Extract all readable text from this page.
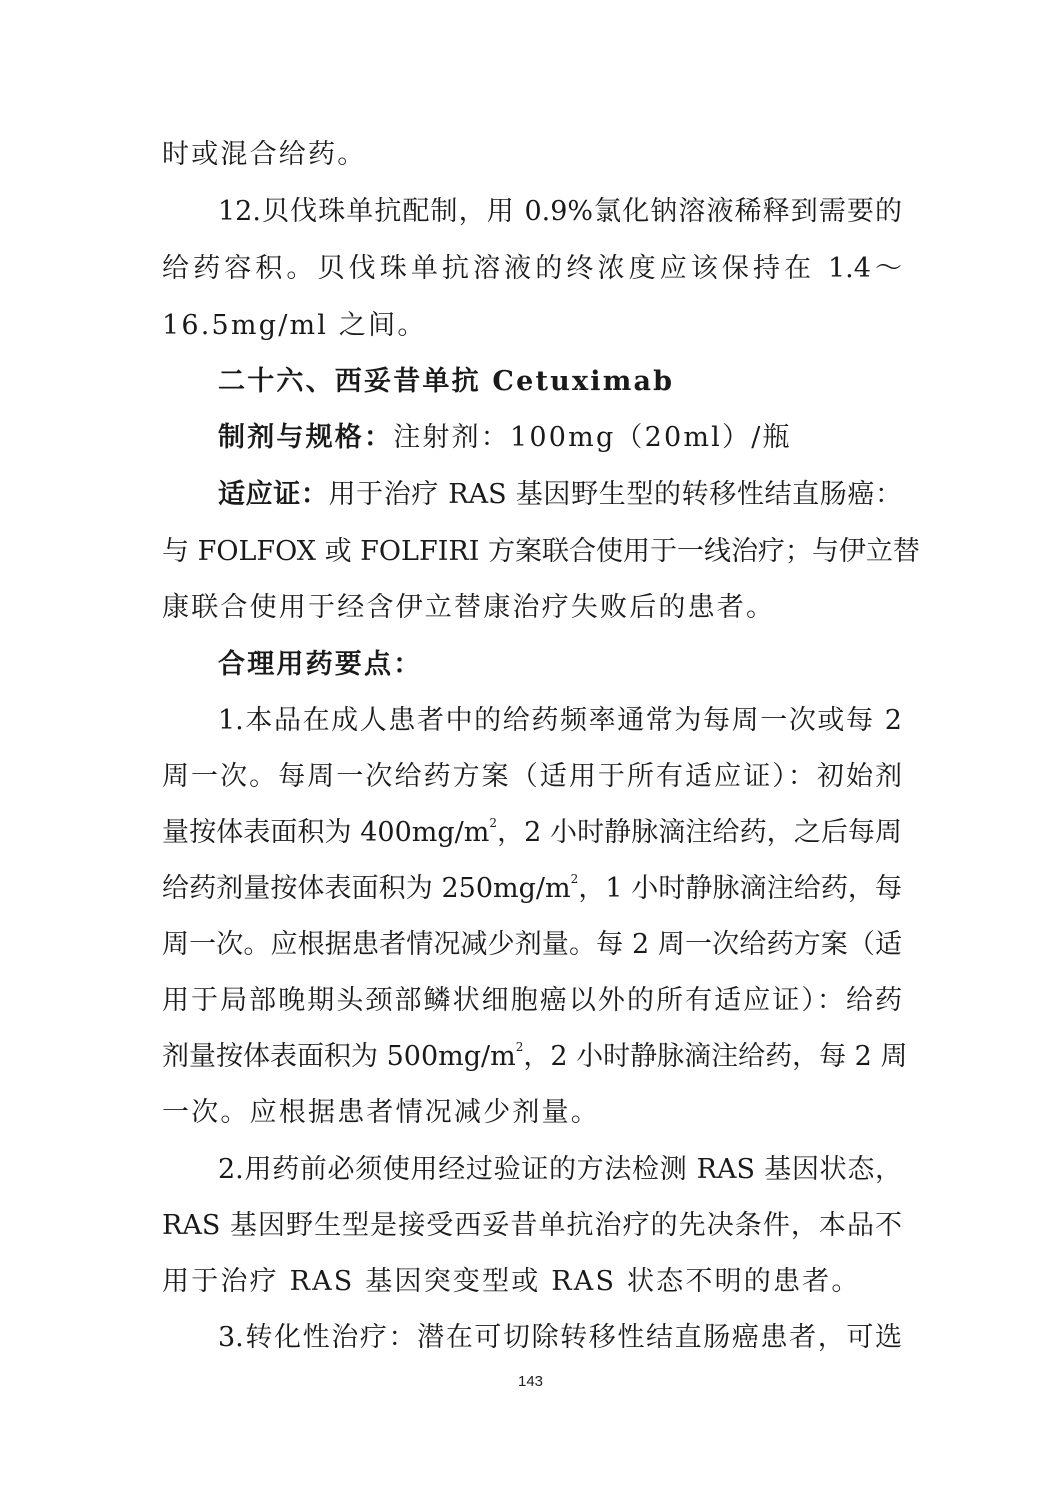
时或混合给药。
12.贝伐珠单抗配制，用 0.9%氯化钠溶液稀释到需要的
给药容积。贝伐珠单抗溶液的终浓度应该保持在 1.4～
16.5mg/ml 之间。
二十六、西妥昔单抗 Cetuximab
制剂与规格：注射剂：100mg（20ml）/瓶
适应证：用于治疗 RAS 基因野生型的转移性结直肠癌：
与 FOLFOX 或 FOLFIRI 方案联合使用于一线治疗；与伊立替
康联合使用于经含伊立替康治疗失败后的患者。
合理用药要点：
1.本品在成人患者中的给药频率通常为每周一次或每 2
周一次。每周一次给药方案（适用于所有适应证）：初始剂
量按体表面积为 $400mg/m^2$，2 小时静脉滴注给药，之后每周
给药剂量按体表面积为 $250mg/m^2$，1 小时静脉滴注给药，每
周一次。应根据患者情况减少剂量。每 2 周一次给药方案（适
用于局部晚期头颈部鳞状细胞癌以外的所有适应证）：给药
剂量按体表面积为 $500mg/m^2$，2 小时静脉滴注给药，每 2 周
一次。应根据患者情况减少剂量。
2.用药前必须使用经过验证的方法检测 RAS 基因状态，
RAS 基因野生型是接受西妥昔单抗治疗的先决条件，本品不
用于治疗 RAS 基因突变型或 RAS 状态不明的患者。
3.转化性治疗：潜在可切除转移性结直肠癌患者，可选
143
